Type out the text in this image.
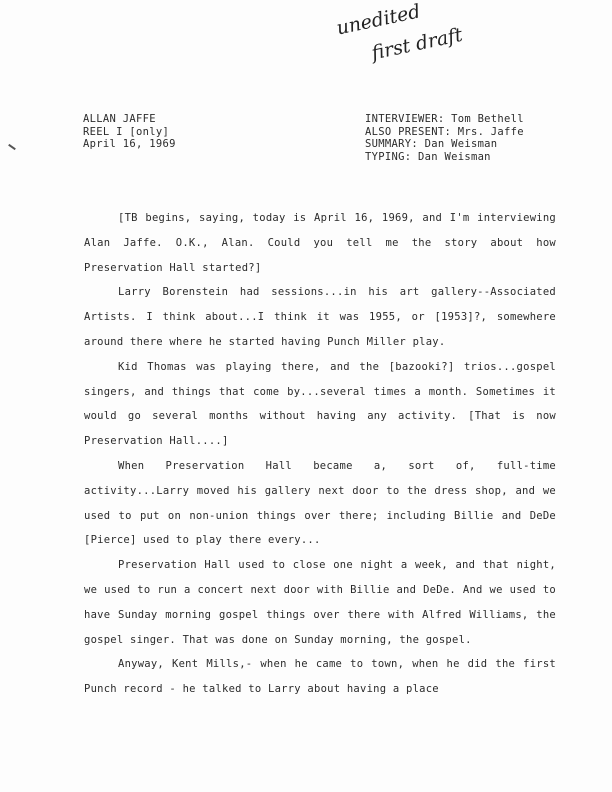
unedited
first draft
ALLAN JAFFE
REEL I [only]
April 16, 1969
INTERVIEWER: Tom Bethell
ALSO PRESENT: Mrs. Jaffe
SUMMARY: Dan Weisman
TYPING: Dan Weisman

[TB begins, saying, today is April 16, 1969, and I'm interviewing Alan Jaffe. O.K., Alan. Could you tell me the story about how Preservation Hall started?]

Larry Borenstein had sessions...in his art gallery--Associated Artists. I think about...I think it was 1955, or [1953]?, somewhere around there where he started having Punch Miller play.

Kid Thomas was playing there, and the [bazooki?] trios...gospel singers, and things that come by...several times a month. Sometimes it would go several months without having any activity. [That is now Preservation Hall....]

When Preservation Hall became a, sort of, full-time activity...Larry moved his gallery next door to the dress shop, and we used to put on non-union things over there; including Billie and DeDe [Pierce] used to play there every...

Preservation Hall used to close one night a week, and that night, we used to run a concert next door with Billie and DeDe. And we used to have Sunday morning gospel things over there with Alfred Williams, the gospel singer. That was done on Sunday morning, the gospel.

Anyway, Kent Mills,- when he came to town, when he did the first Punch record - he talked to Larry about having a place
